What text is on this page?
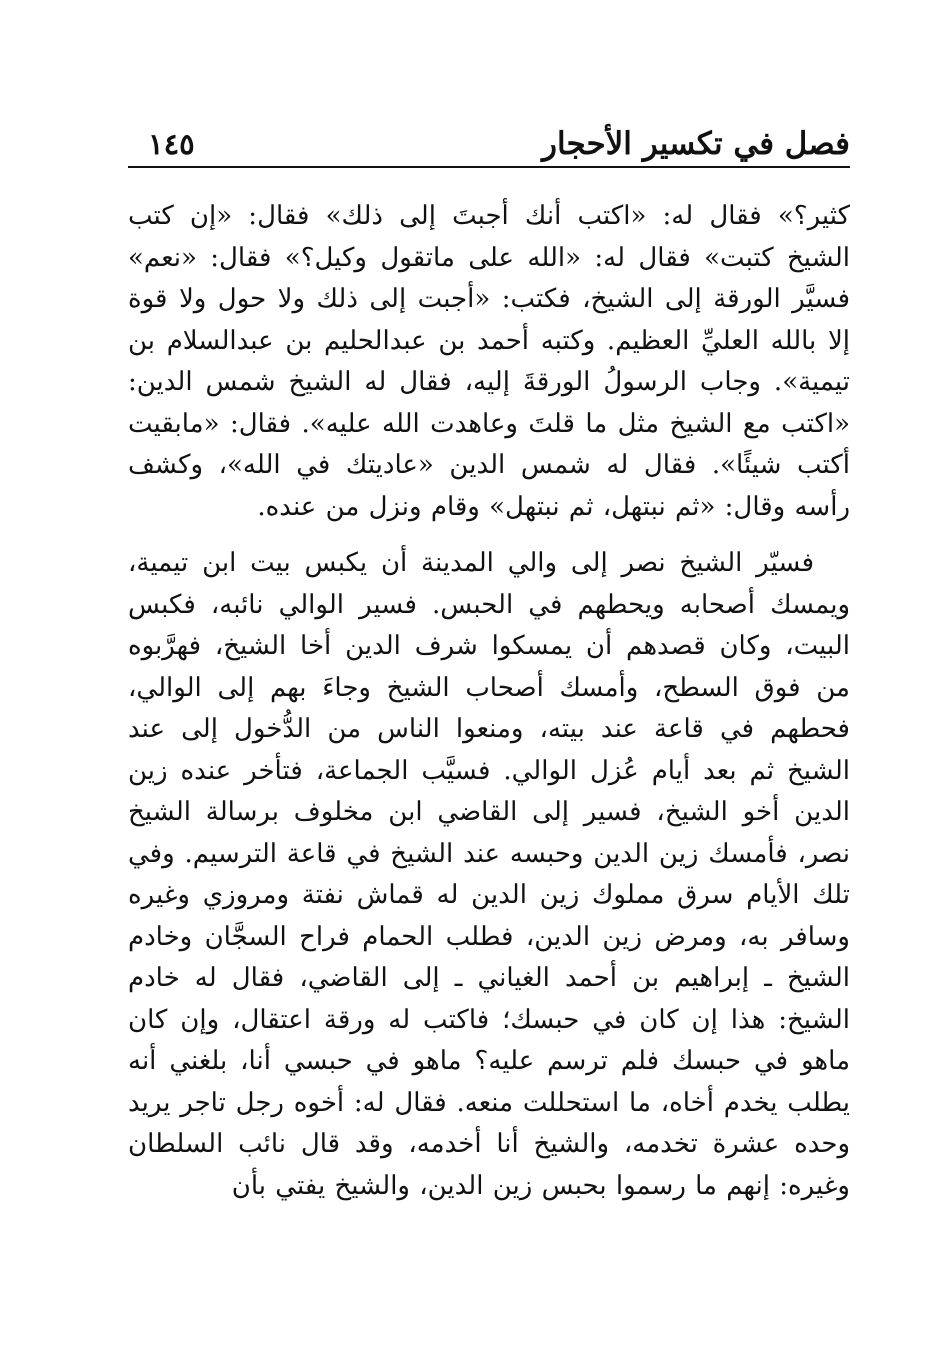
فصل في تكسير الأحجار
١٤٥

كثير؟» فقال له: «اكتب أنك أجبتَ إلى ذلك» فقال: «إن كتب الشيخ كتبت» فقال له: «الله على ماتقول وكيل؟» فقال: «نعم» فسيَّر الورقة إلى الشيخ، فكتب: «أجبت إلى ذلك ولا حول ولا قوة إلا بالله العليِّ العظيم. وكتبه أحمد بن عبدالحليم بن عبدالسلام بن تيمية». وجاب الرسولُ الورقةَ إليه، فقال له الشيخ شمس الدين: «اكتب مع الشيخ مثل ما قلتَ وعاهدت الله عليه». فقال: «مابقيت أكتب شيئًا». فقال له شمس الدين «عاديتك في الله»، وكشف رأسه وقال: «ثم نبتهل، ثم نبتهل» وقام ونزل من عنده.

فسيّر الشيخ نصر إلى والي المدينة أن يكبس بيت ابن تيمية، ويمسك أصحابه ويحطهم في الحبس. فسير الوالي نائبه، فكبس البيت، وكان قصدهم أن يمسكوا شرف الدين أخا الشيخ، فهرَّبوه من فوق السطح، وأمسك أصحاب الشيخ وجاءَ بهم إلى الوالي، فحطهم في قاعة عند بيته، ومنعوا الناس من الدُّخول إلى عند الشيخ ثم بعد أيام عُزل الوالي. فسيَّب الجماعة، فتأخر عنده زين الدين أخو الشيخ، فسير إلى القاضي ابن مخلوف برسالة الشيخ نصر، فأمسك زين الدين وحبسه عند الشيخ في قاعة الترسيم. وفي تلك الأيام سرق مملوك زين الدين له قماش نفتة ومروزي وغيره وسافر به، ومرض زين الدين، فطلب الحمام فراح السجَّان وخادم الشيخ ـ إبراهيم بن أحمد الغياني ـ إلى القاضي، فقال له خادم الشيخ: هذا إن كان في حبسك؛ فاكتب له ورقة اعتقال، وإن كان ماهو في حبسك فلم ترسم عليه؟ ماهو في حبسي أنا، بلغني أنه يطلب يخدم أخاه، ما استحللت منعه. فقال له: أخوه رجل تاجر يريد وحده عشرة تخدمه، والشيخ أنا أخدمه، وقد قال نائب السلطان وغيره: إنهم ما رسموا بحبس زين الدين، والشيخ يفتي بأن
